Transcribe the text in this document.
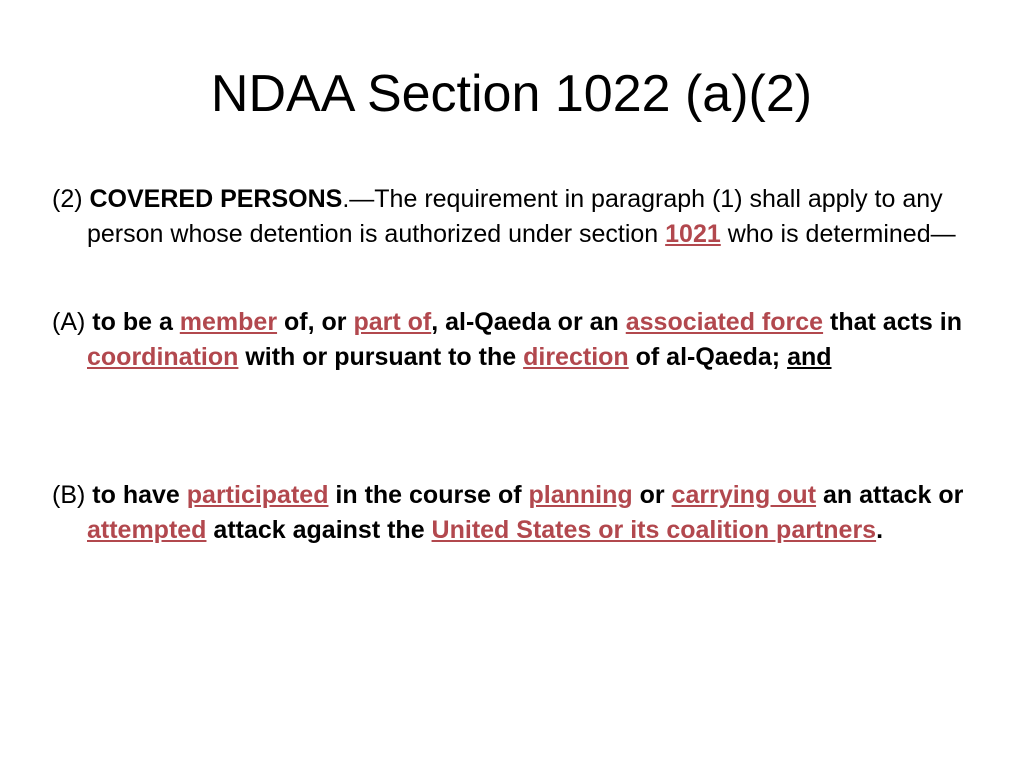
NDAA Section 1022 (a)(2)
(2) COVERED PERSONS.—The requirement in paragraph (1) shall apply to any person whose detention is authorized under section 1021 who is determined—
(A) to be a member of, or part of, al-Qaeda or an associated force that acts in coordination with or pursuant to the direction of al-Qaeda; and
(B) to have participated in the course of planning or carrying out an attack or attempted attack against the United States or its coalition partners.
